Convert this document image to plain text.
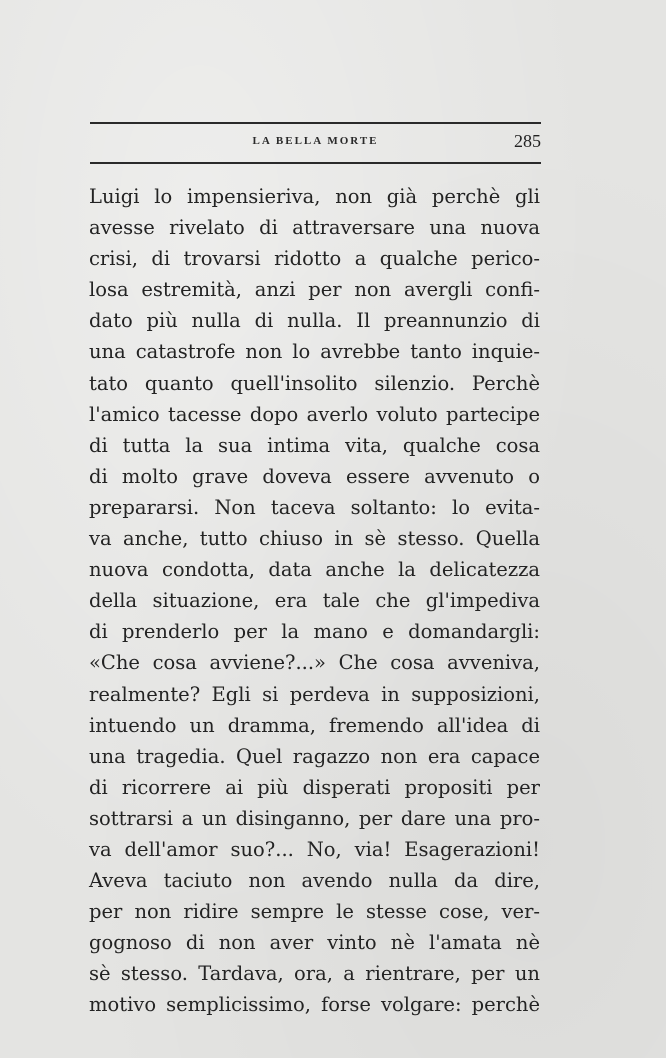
LA BELLA MORTE	285
Luigi lo impensieriva, non già perchè gli
avesse rivelato di attraversare una nuova
crisi, di trovarsi ridotto a qualche perico-
losa estremità, anzi per non avergli confi-
dato più nulla di nulla. Il preannunzio di
una catastrofe non lo avrebbe tanto inquie-
tato quanto quell'insolito silenzio. Perchè
l'amico tacesse dopo averlo voluto partecipe
di tutta la sua intima vita, qualche cosa
di molto grave doveva essere avvenuto o
prepararsi. Non taceva soltanto: lo evita-
va anche, tutto chiuso in sè stesso. Quella
nuova condotta, data anche la delicatezza
della situazione, era tale che gl'impediva
di prenderlo per la mano e domandargli:
«Che cosa avviene?...» Che cosa avveniva,
realmente? Egli si perdeva in supposizioni,
intuendo un dramma, fremendo all'idea di
una tragedia. Quel ragazzo non era capace
di ricorrere ai più disperati propositi per
sottrarsi a un disinganno, per dare una pro-
va dell'amor suo?... No, via! Esagerazioni!
Aveva taciuto non avendo nulla da dire,
per non ridire sempre le stesse cose, ver-
gognoso di non aver vinto nè l'amata nè
sè stesso. Tardava, ora, a rientrare, per un
motivo semplicissimo, forse volgare: perchè
